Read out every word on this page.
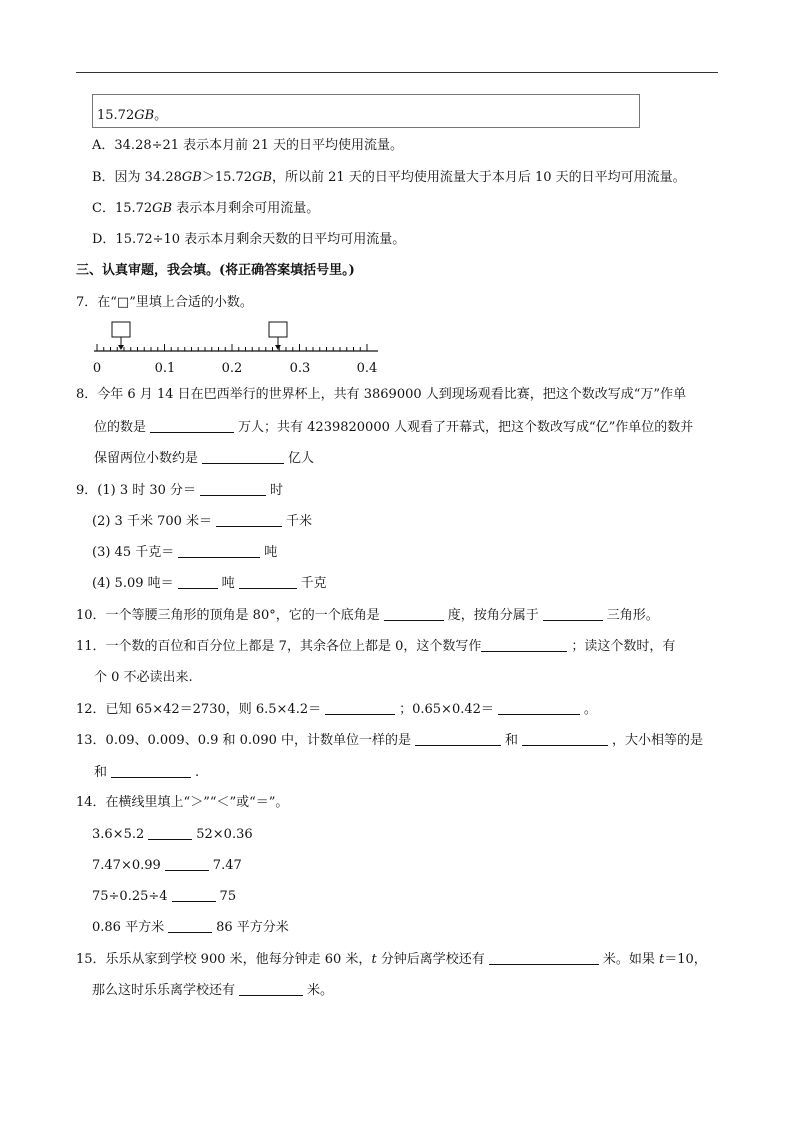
15.72GB。
A．34.28÷21 表示本月前 21 天的日平均使用流量。
B．因为 34.28GB＞15.72GB，所以前 21 天的日平均使用流量大于本月后 10 天的日平均可用流量。
C．15.72GB 表示本月剩余可用流量。
D．15.72÷10 表示本月剩余天数的日平均可用流量。
三、认真审题，我会填。(将正确答案填括号里。)
7．在“□”里填上合适的小数。
0	0.1	0.2	0.3	0.4
8．今年 6 月 14 日在巴西举行的世界杯上，共有 3869000 人到现场观看比赛，把这个数改写成“万”作单
位的数是	万人；共有 4239820000 人观看了开幕式，把这个数改写成“亿”作单位的数并
保留两位小数约是	亿人
9．(1) 3 时 30 分＝	时
(2) 3 千米 700 米＝	千米
(3) 45 千克＝	吨
(4) 5.09 吨＝	吨	千克
10．一个等腰三角形的顶角是 80°，它的一个底角是	度，按角分属于	三角形。
11．一个数的百位和百分位上都是 7，其余各位上都是 0，这个数写作	；读这个数时，有
个 0 不必读出来.
12．已知 65×42＝2730，则 6.5×4.2＝	；0.65×0.42＝	。
13．0.09、0.009、0.9 和 0.090 中，计数单位一样的是	和	，大小相等的是
和	.
14．在横线里填上“＞”“＜”或“＝”。
3.6×5.2	52×0.36
7.47×0.99	7.47
75÷0.25÷4	75
0.86 平方米	86 平方分米
15．乐乐从家到学校 900 米，他每分钟走 60 米，t 分钟后离学校还有	米。如果 t＝10，
那么这时乐乐离学校还有	米。
